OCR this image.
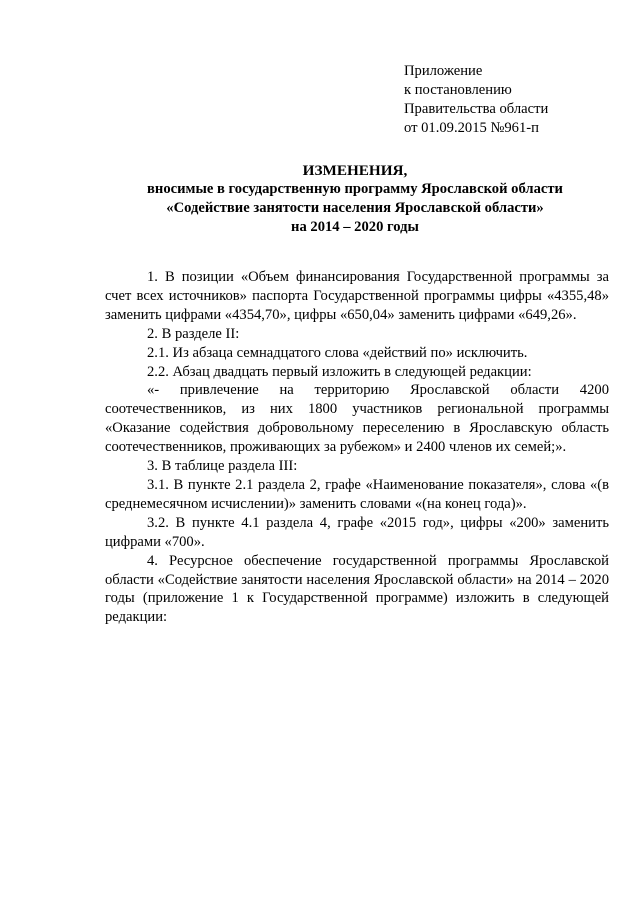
Приложение
к постановлению
Правительства области
от 01.09.2015 №961-п
ИЗМЕНЕНИЯ,
вносимые в государственную программу Ярославской области
«Содействие занятости населения Ярославской области»
на 2014 – 2020 годы

1. В позиции «Объем финансирования Государственной программы за счет всех источников» паспорта Государственной программы цифры «4355,48» заменить цифрами «4354,70», цифры «650,04» заменить цифрами «649,26».

2. В разделе II:

2.1. Из абзаца семнадцатого слова «действий по» исключить.

2.2. Абзац двадцать первый изложить в следующей редакции:

«- привлечение на территорию Ярославской области 4200 соотечественников, из них 1800 участников региональной программы «Оказание содействия добровольному переселению в Ярославскую область соотечественников, проживающих за рубежом» и 2400 членов их семей;».

3. В таблице раздела III:

3.1. В пункте 2.1 раздела 2, графе «Наименование показателя», слова «(в среднемесячном исчислении)» заменить словами «(на конец года)».

3.2. В пункте 4.1 раздела 4, графе «2015 год», цифры «200» заменить цифрами «700».

4. Ресурсное обеспечение государственной программы Ярославской области «Содействие занятости населения Ярославской области» на 2014 – 2020 годы (приложение 1 к Государственной программе) изложить в следующей редакции:
